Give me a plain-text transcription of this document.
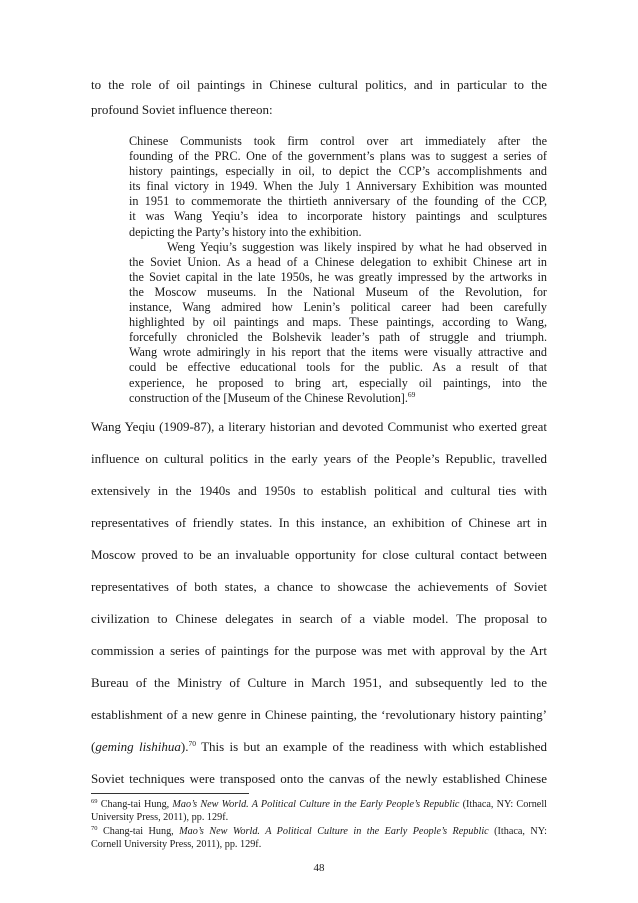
to the role of oil paintings in Chinese cultural politics, and in particular to the
profound Soviet influence thereon:
Chinese Communists took firm control over art immediately after the
founding of the PRC. One of the government’s plans was to suggest a series of
history paintings, especially in oil, to depict the CCP’s accomplishments and
its final victory in 1949. When the July 1 Anniversary Exhibition was mounted
in 1951 to commemorate the thirtieth anniversary of the founding of the CCP,
it was Wang Yeqiu’s idea to incorporate history paintings and sculptures
depicting the Party’s history into the exhibition.
Weng Yeqiu’s suggestion was likely inspired by what he had observed in
the Soviet Union. As a head of a Chinese delegation to exhibit Chinese art in
the Soviet capital in the late 1950s, he was greatly impressed by the artworks in
the Moscow museums. In the National Museum of the Revolution, for
instance, Wang admired how Lenin’s political career had been carefully
highlighted by oil paintings and maps. These paintings, according to Wang,
forcefully chronicled the Bolshevik leader’s path of struggle and triumph.
Wang wrote admiringly in his report that the items were visually attractive and
could be effective educational tools for the public. As a result of that
experience, he proposed to bring art, especially oil paintings, into the
construction of the [Museum of the Chinese Revolution].$^{69}$
Wang Yeqiu (1909-87), a literary historian and devoted Communist who exerted great
influence on cultural politics in the early years of the People’s Republic, travelled
extensively in the 1940s and 1950s to establish political and cultural ties with
representatives of friendly states. In this instance, an exhibition of Chinese art in
Moscow proved to be an invaluable opportunity for close cultural contact between
representatives of both states, a chance to showcase the achievements of Soviet
civilization to Chinese delegates in search of a viable model. The proposal to
commission a series of paintings for the purpose was met with approval by the Art
Bureau of the Ministry of Culture in March 1951, and subsequently led to the
establishment of a new genre in Chinese painting, the ‘revolutionary history painting’
(geming lishihua).$^{70}$ This is but an example of the readiness with which established
Soviet techniques were transposed onto the canvas of the newly established Chinese
$^{69}$ Chang-tai Hung, Mao’s New World. A Political Culture in the Early People’s Republic (Ithaca, NY: Cornell
University Press, 2011), pp. 129f.
$^{70}$ Chang-tai Hung, Mao’s New World. A Political Culture in the Early People’s Republic (Ithaca, NY:
Cornell University Press, 2011), pp. 129f.
48
